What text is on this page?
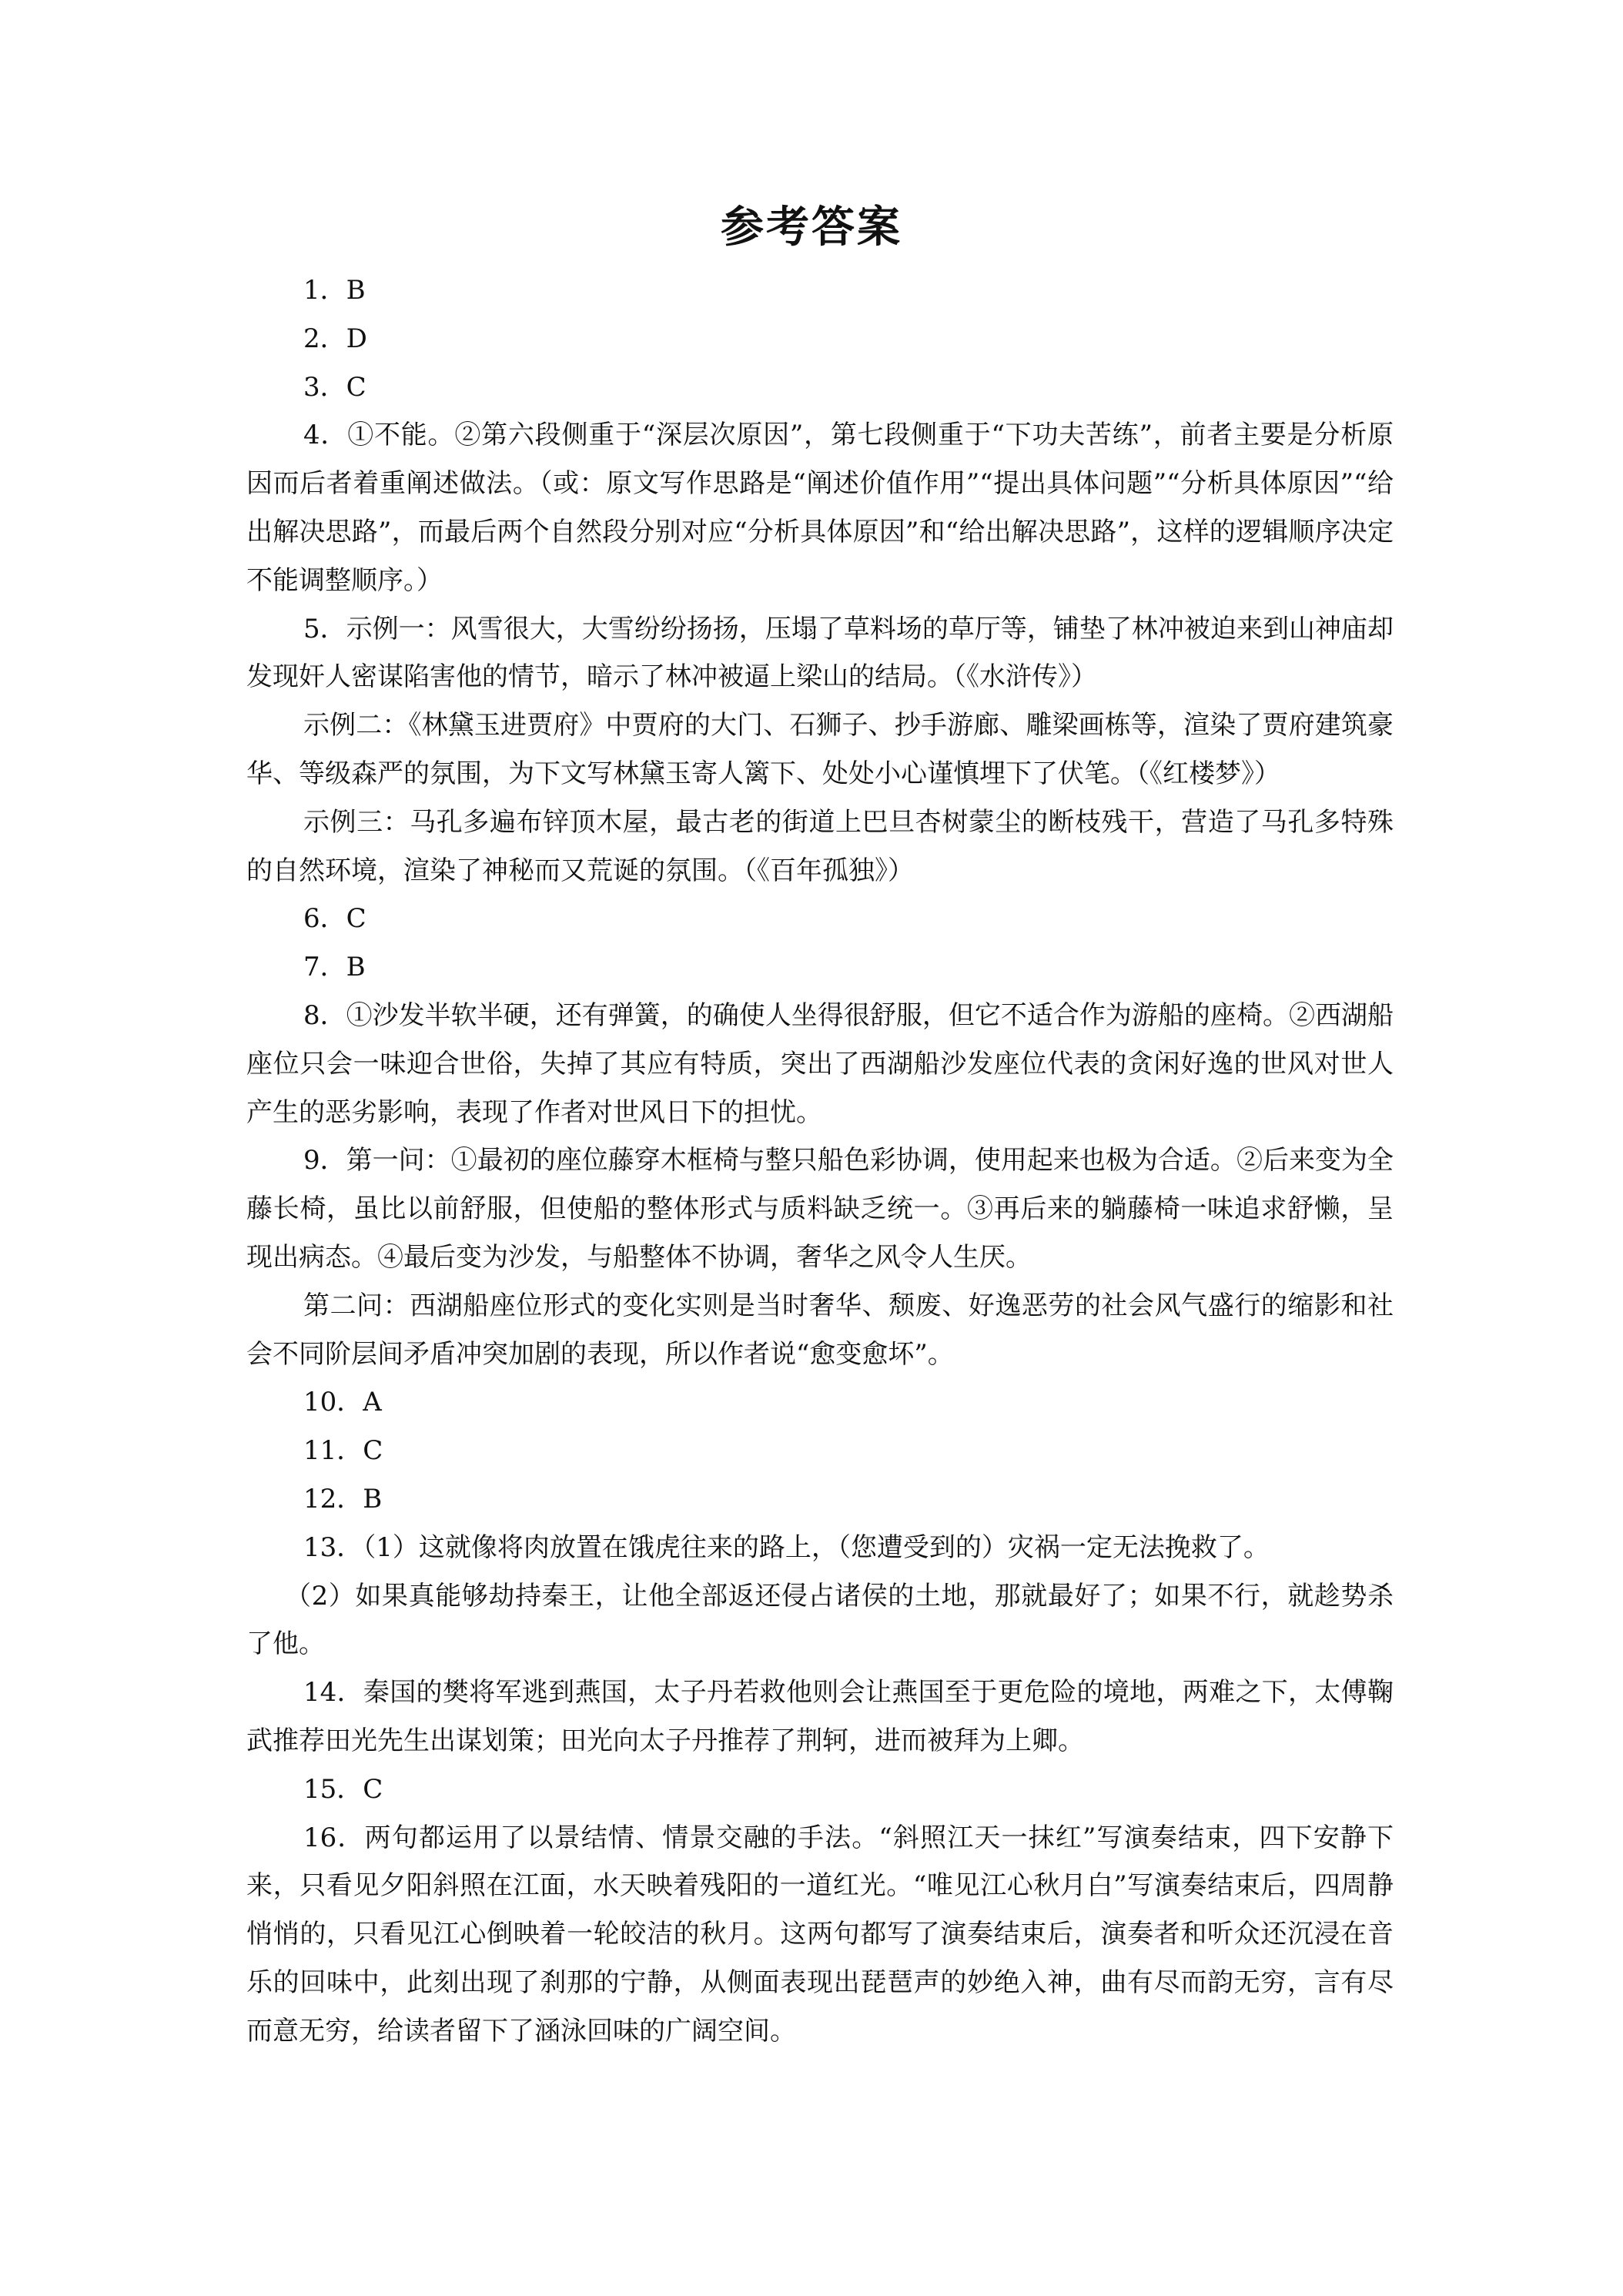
参考答案

1．B

2．D

3．C

4．①不能。②第六段侧重于“深层次原因”，第七段侧重于“下功夫苦练”，前者主要是分析原因而后者着重阐述做法。（或：原文写作思路是“阐述价值作用”“提出具体问题”“分析具体原因”“给出解决思路”，而最后两个自然段分别对应“分析具体原因”和“给出解决思路”，这样的逻辑顺序决定不能调整顺序。）

5．示例一：风雪很大，大雪纷纷扬扬，压塌了草料场的草厅等，铺垫了林冲被迫来到山神庙却发现奸人密谋陷害他的情节，暗示了林冲被逼上梁山的结局。（《水浒传》）

示例二：《林黛玉进贾府》中贾府的大门、石狮子、抄手游廊、雕梁画栋等，渲染了贾府建筑豪华、等级森严的氛围，为下文写林黛玉寄人篱下、处处小心谨慎埋下了伏笔。（《红楼梦》）

示例三：马孔多遍布锌顶木屋，最古老的街道上巴旦杏树蒙尘的断枝残干，营造了马孔多特殊的自然环境，渲染了神秘而又荒诞的氛围。（《百年孤独》）

6．C

7．B

8．①沙发半软半硬，还有弹簧，的确使人坐得很舒服，但它不适合作为游船的座椅。②西湖船座位只会一味迎合世俗，失掉了其应有特质，突出了西湖船沙发座位代表的贪闲好逸的世风对世人产生的恶劣影响，表现了作者对世风日下的担忧。

9．第一问：①最初的座位藤穿木框椅与整只船色彩协调，使用起来也极为合适。②后来变为全藤长椅，虽比以前舒服，但使船的整体形式与质料缺乏统一。③再后来的躺藤椅一味追求舒懒，呈现出病态。④最后变为沙发，与船整体不协调，奢华之风令人生厌。

第二问：西湖船座位形式的变化实则是当时奢华、颓废、好逸恶劳的社会风气盛行的缩影和社会不同阶层间矛盾冲突加剧的表现，所以作者说“愈变愈坏”。

10．A

11．C

12．B

13．（1）这就像将肉放置在饿虎往来的路上，（您遭受到的）灾祸一定无法挽救了。

（2）如果真能够劫持秦王，让他全部返还侵占诸侯的土地，那就最好了；如果不行，就趁势杀了他。

14．秦国的樊将军逃到燕国，太子丹若救他则会让燕国至于更危险的境地，两难之下，太傅鞠武推荐田光先生出谋划策；田光向太子丹推荐了荆轲，进而被拜为上卿。

15．C

16．两句都运用了以景结情、情景交融的手法。“斜照江天一抹红”写演奏结束，四下安静下来，只看见夕阳斜照在江面，水天映着残阳的一道红光。“唯见江心秋月白”写演奏结束后，四周静悄悄的，只看见江心倒映着一轮皎洁的秋月。这两句都写了演奏结束后，演奏者和听众还沉浸在音乐的回味中，此刻出现了刹那的宁静，从侧面表现出琵琶声的妙绝入神，曲有尽而韵无穷，言有尽而意无穷，给读者留下了涵泳回味的广阔空间。
